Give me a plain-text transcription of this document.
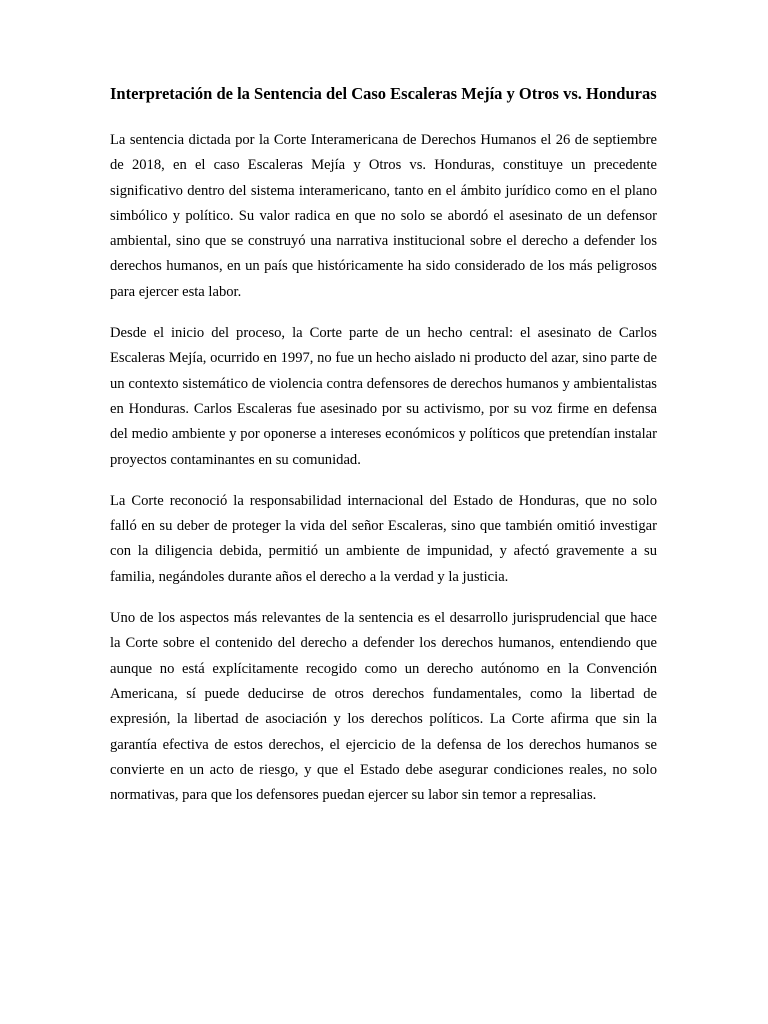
Interpretación de la Sentencia del Caso Escaleras Mejía y Otros vs. Honduras

La sentencia dictada por la Corte Interamericana de Derechos Humanos el 26 de septiembre de 2018, en el caso Escaleras Mejía y Otros vs. Honduras, constituye un precedente significativo dentro del sistema interamericano, tanto en el ámbito jurídico como en el plano simbólico y político. Su valor radica en que no solo se abordó el asesinato de un defensor ambiental, sino que se construyó una narrativa institucional sobre el derecho a defender los derechos humanos, en un país que históricamente ha sido considerado de los más peligrosos para ejercer esta labor.

Desde el inicio del proceso, la Corte parte de un hecho central: el asesinato de Carlos Escaleras Mejía, ocurrido en 1997, no fue un hecho aislado ni producto del azar, sino parte de un contexto sistemático de violencia contra defensores de derechos humanos y ambientalistas en Honduras. Carlos Escaleras fue asesinado por su activismo, por su voz firme en defensa del medio ambiente y por oponerse a intereses económicos y políticos que pretendían instalar proyectos contaminantes en su comunidad.

La Corte reconoció la responsabilidad internacional del Estado de Honduras, que no solo falló en su deber de proteger la vida del señor Escaleras, sino que también omitió investigar con la diligencia debida, permitió un ambiente de impunidad, y afectó gravemente a su familia, negándoles durante años el derecho a la verdad y la justicia.

Uno de los aspectos más relevantes de la sentencia es el desarrollo jurisprudencial que hace la Corte sobre el contenido del derecho a defender los derechos humanos, entendiendo que aunque no está explícitamente recogido como un derecho autónomo en la Convención Americana, sí puede deducirse de otros derechos fundamentales, como la libertad de expresión, la libertad de asociación y los derechos políticos. La Corte afirma que sin la garantía efectiva de estos derechos, el ejercicio de la defensa de los derechos humanos se convierte en un acto de riesgo, y que el Estado debe asegurar condiciones reales, no solo normativas, para que los defensores puedan ejercer su labor sin temor a represalias.
